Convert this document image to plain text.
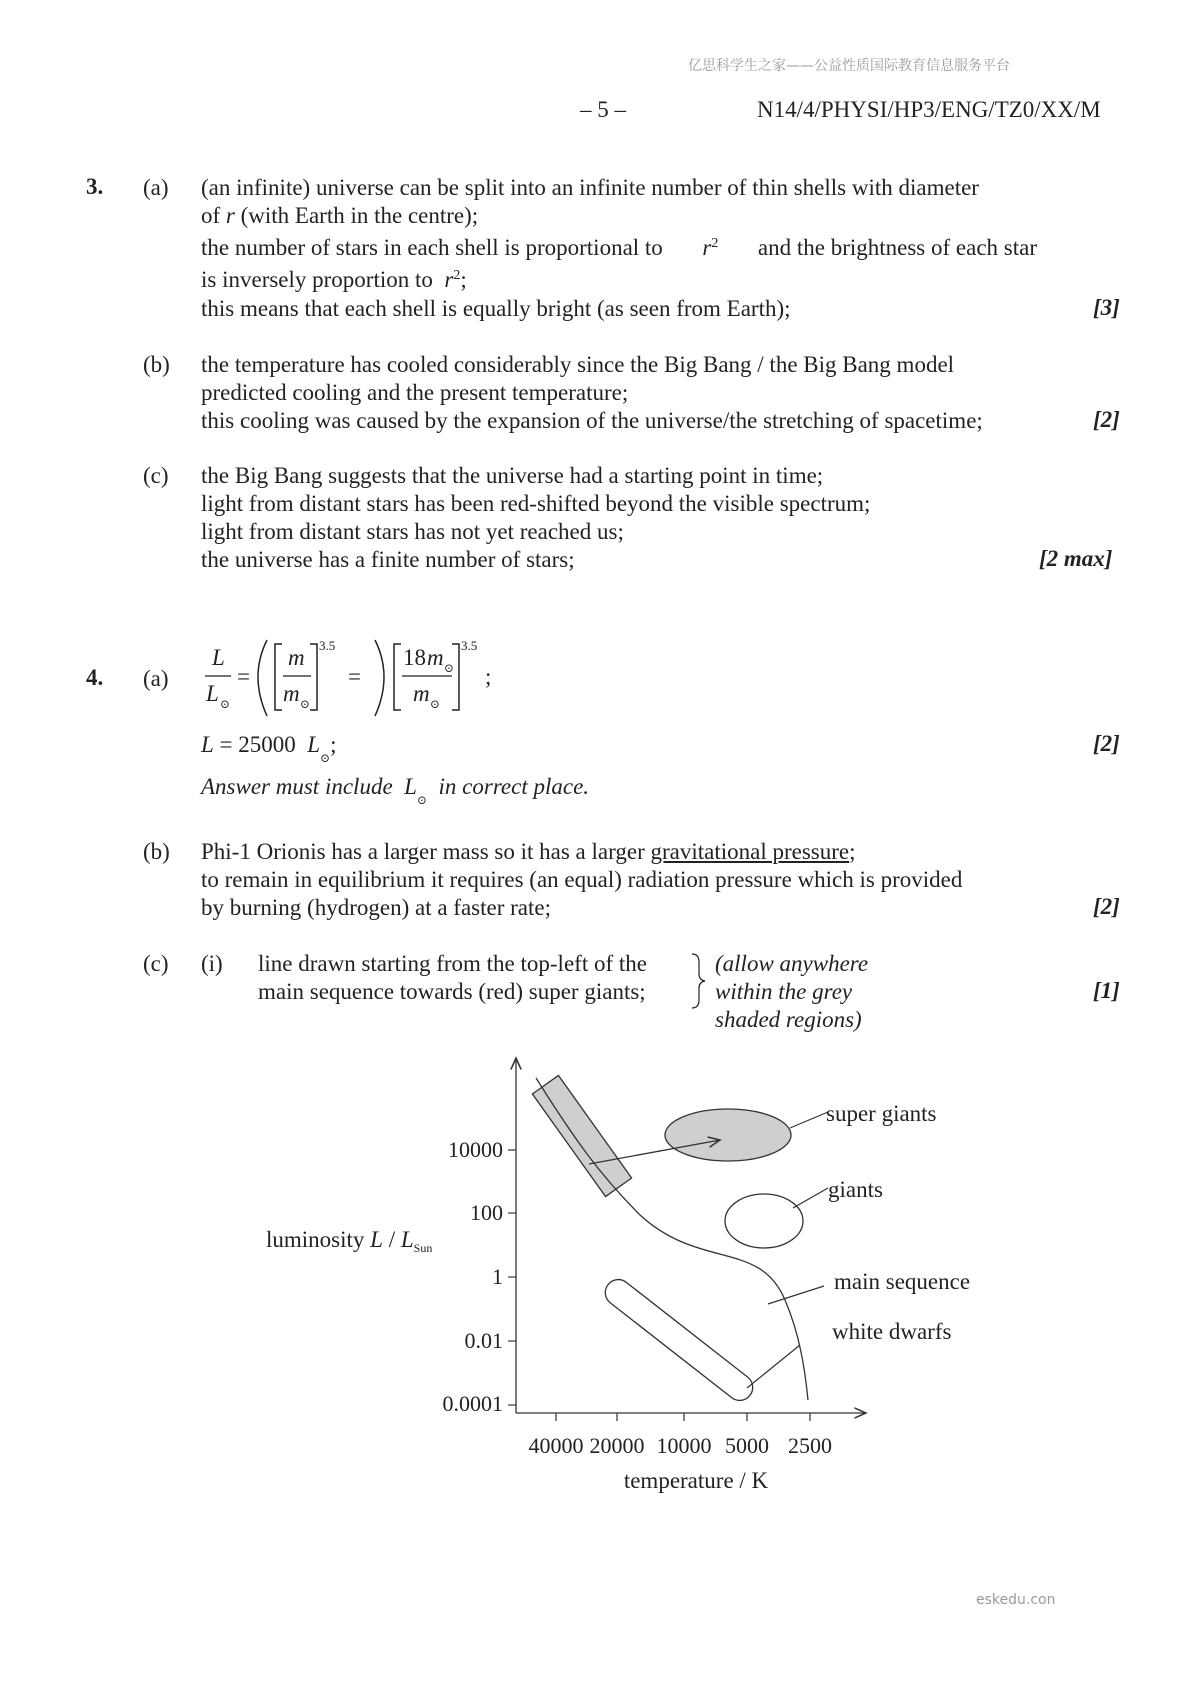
亿思科学生之家——公益性质国际教育信息服务平台
– 5 –	N14/4/PHYSI/HP3/ENG/TZ0/XX/M
3. (a) (an infinite) universe can be split into an infinite number of thin shells with diameter
of r (with Earth in the centre);
the number of stars in each shell is proportional to $r^2$ and the brightness of each star
is inversely proportion to $r^2$;
this means that each shell is equally bright (as seen from Earth);	[3]
(b) the temperature has cooled considerably since the Big Bang / the Big Bang model
predicted cooling and the present temperature;
this cooling was caused by the expansion of the universe/the stretching of spacetime;	[2]
(c) the Big Bang suggests that the universe had a starting point in time;
light from distant stars has been red-shifted beyond the visible spectrum;
light from distant stars has not yet reached us;
the universe has a finite number of stars;	[2 max]
4. (a)
L
L ⊙
=
m
m ⊙
3.5
=
18 m ⊙
m ⊙
3.5
;
L = 25000  $L_⊙$;	[2]
Answer must include  $L_⊙$  in correct place.
(b) Phi-1 Orionis has a larger mass so it has a larger gravitational pressure;
to remain in equilibrium it requires (an equal) radiation pressure which is provided
by burning (hydrogen) at a faster rate;	[2]
(c) (i) line drawn starting from the top-left of the
main sequence towards (red) super giants;
(allow anywhere
within the grey
shaded regions)
[1]
10000
100
1
0.01
0.0001
40000 20000 10000 5000 2500
luminosity L / $L_{Sun}$
temperature / K
super giants
giants
white dwarfs
main sequence
eskedu.con
